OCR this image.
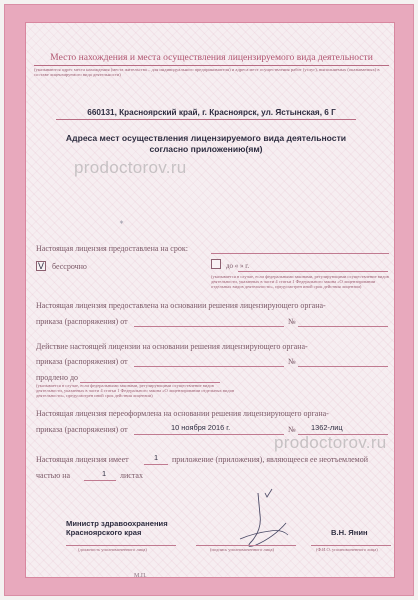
Место нахождения и места осуществления лицензируемого вида деятельности
(указываются адрес места нахождения (места жительства – для индивидуального предпринимателя) и адреса мест осуществления работ (услуг), выполняемых (оказываемых) в составе лицензируемого вида деятельности)
660131, Красноярский край, г. Красноярск, ул. Ястынская, 6 Г
Адреса мест осуществления лицензируемого вида деятельности согласно приложению(ям)
prodoctorov.ru
∗
Настоящая лицензия предоставлена на срок:
V бессрочно	до « » г.
(указывается в случае, если федеральными законами, регулирующими осуществление видов деятельности, указанных в части 4 статьи 1 Федерального закона «О лицензировании отдельных видов деятельности», предусмотрен иной срок действия лицензии)
Настоящая лицензия предоставлена на основании решения лицензирующего органа-
приказа (распоряжения) от	№
Действие настоящей лицензии на основании решения лицензирующего органа-
приказа (распоряжения) от	№
продлено до
(указывается в случае, если федеральными законами, регулирующими осуществление видов деятельности, указанных в части 4 статьи 1 Федерального закона «О лицензировании отдельных видов деятельности», предусмотрен иной срок действия лицензии)
Настоящая лицензия переоформлена на основании решения лицензирующего органа-
приказа (распоряжения) от	10 ноября 2016 г.	№ 1362-лиц
prodoctorov.ru
Настоящая лицензия имеет	1 приложение (приложения), являющееся ее неотъемлемой
частью на	1 листах
Министр здравоохранения
Красноярского края	В.Н. Янин
(должность уполномоченного лица)	(подпись уполномоченного лица)	(Ф.И.О. уполномоченного лица)
М.П.
